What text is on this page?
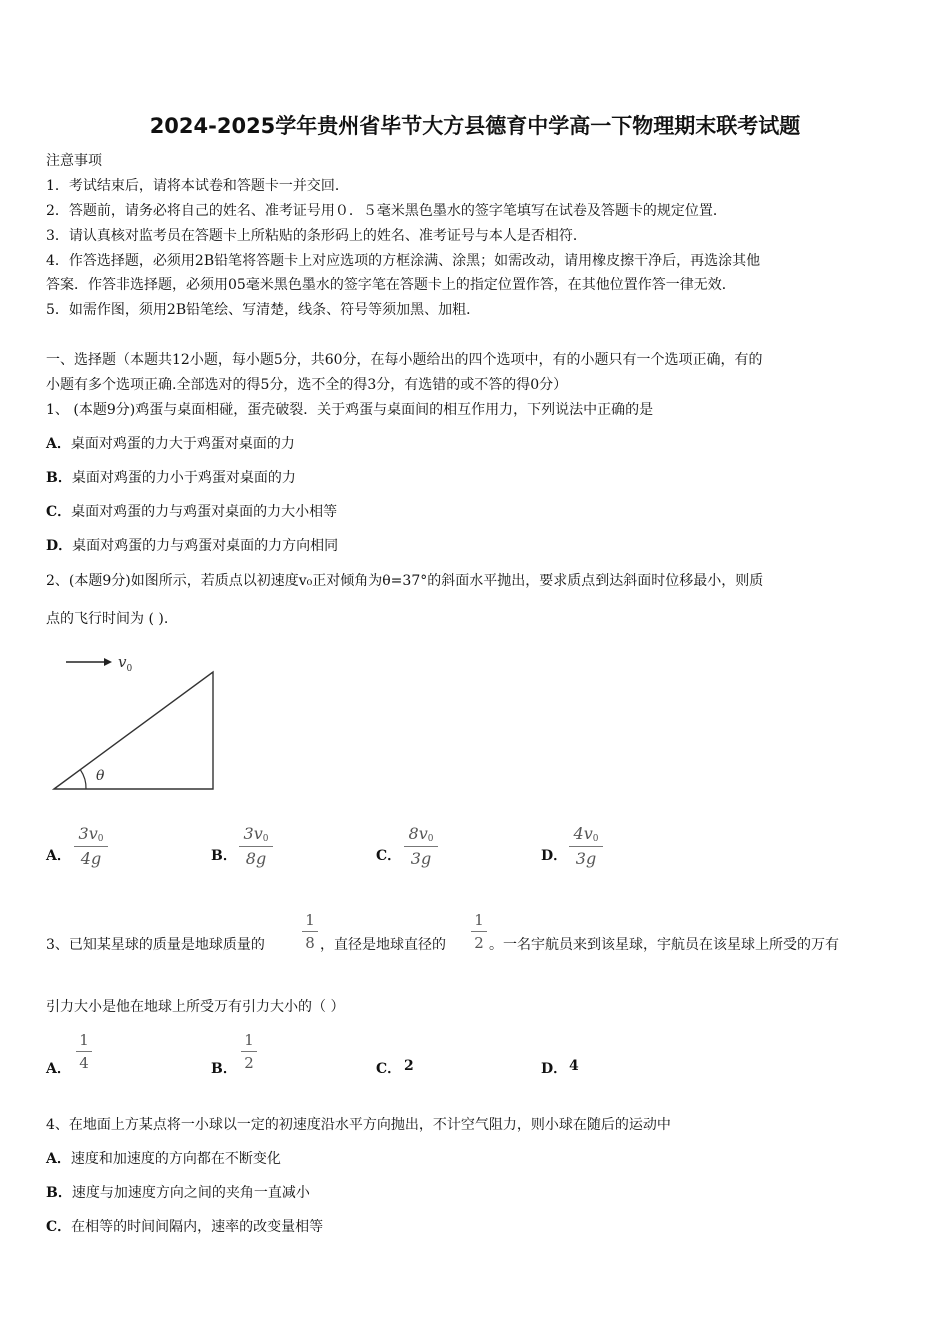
2024-2025学年贵州省毕节大方县德育中学高一下物理期末联考试题
注意事项
1．考试结束后，请将本试卷和答题卡一并交回．
2．答题前，请务必将自己的姓名、准考证号用０．５毫米黑色墨水的签字笔填写在试卷及答题卡的规定位置．
3．请认真核对监考员在答题卡上所粘贴的条形码上的姓名、准考证号与本人是否相符．
4．作答选择题，必须用2B铅笔将答题卡上对应选项的方框涂满、涂黑；如需改动，请用橡皮擦干净后，再选涂其他
答案．作答非选择题，必须用05毫米黑色墨水的签字笔在答题卡上的指定位置作答，在其他位置作答一律无效．
5．如需作图，须用2B铅笔绘、写清楚，线条、符号等须加黑、加粗．
一、选择题（本题共12小题，每小题5分，共60分，在每小题给出的四个选项中，有的小题只有一个选项正确，有的
小题有多个选项正确.全部选对的得5分，选不全的得3分，有选错的或不答的得0分）
1、 (本题9分)鸡蛋与桌面相碰，蛋壳破裂．关于鸡蛋与桌面间的相互作用力，下列说法中正确的是
A．桌面对鸡蛋的力大于鸡蛋对桌面的力
B．桌面对鸡蛋的力小于鸡蛋对桌面的力
C．桌面对鸡蛋的力与鸡蛋对桌面的力大小相等
D．桌面对鸡蛋的力与鸡蛋对桌面的力方向相同
2、(本题9分)如图所示，若质点以初速度v₀正对倾角为θ=37°的斜面水平抛出，要求质点到达斜面时位移最小，则质
点的飞行时间为 ( ).
$v_0$
θ
A．
$3v_0$
4g	B．
$3v_0$
8g	C．
$8v_0$
3g	D．
$4v_0$
3g
3、已知某星球的质量是地球质量的
1
8 ，直径是地球直径的
1
2 。一名宇航员来到该星球，宇航员在该星球上所受的万有
引力大小是他在地球上所受万有引力大小的（ ）
A．
1
4	B．
1
2	C． 2	D． 4
4、在地面上方某点将一小球以一定的初速度沿水平方向抛出，不计空气阻力，则小球在随后的运动中
A．速度和加速度的方向都在不断变化
B．速度与加速度方向之间的夹角一直减小
C．在相等的时间间隔内，速率的改变量相等
